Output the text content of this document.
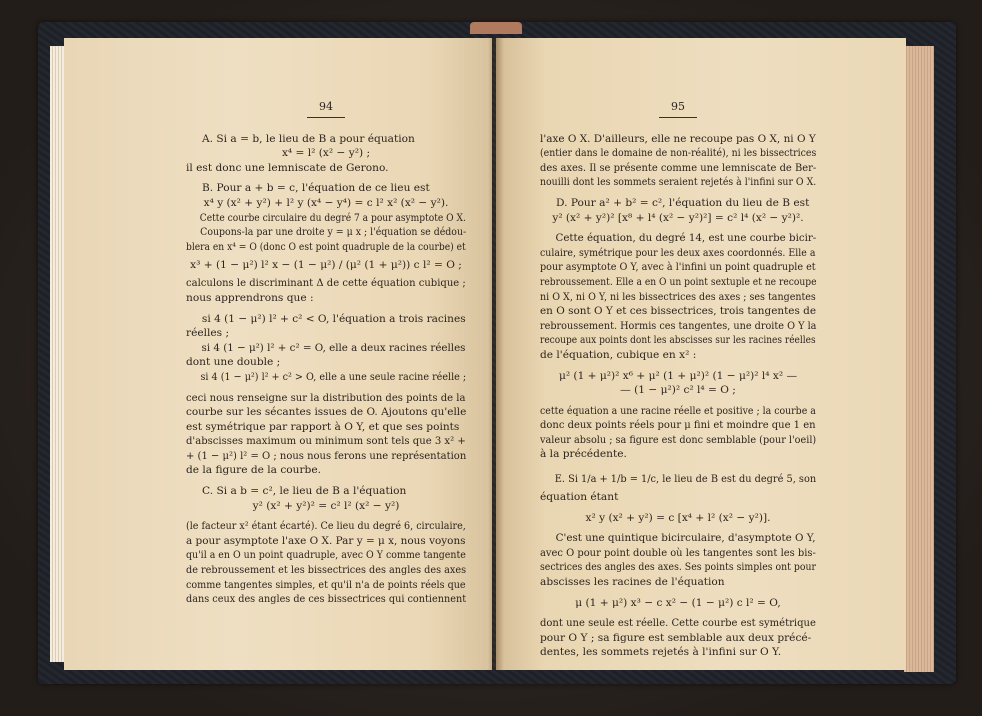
94
A. Si a = b, le lieu de B a pour équation
x⁴ = l² (x² − y²) ;
il est donc une lemniscate de Gerono.
B. Pour a + b = c, l'équation de ce lieu est
x⁴ y (x² + y²) + l² y (x⁴ − y⁴) = c l² x² (x² − y²).
Cette courbe circulaire du degré 7 a pour asymptote O X.
Coupons-la par une droite y = μ x ; l'équation se dédou-
blera en x⁴ = O (donc O est point quadruple de la courbe) et
x³ + (1 − μ²) l² x − (1 − μ²) / (μ² (1 + μ²)) c l² = O ;
calculons le discriminant Δ de cette équation cubique ;
nous apprendrons que :
si 4 (1 − μ²) l² + c² < O, l'équation a trois racines
réelles ;
si 4 (1 − μ²) l² + c² = O, elle a deux racines réelles
dont une double ;
si 4 (1 − μ²) l² + c² > O, elle a une seule racine réelle ;
ceci nous renseigne sur la distribution des points de la
courbe sur les sécantes issues de O. Ajoutons qu'elle
est symétrique par rapport à O Y, et que ses points
d'abscisses maximum ou minimum sont tels que 3 x² +
+ (1 − μ²) l² = O ; nous nous ferons une représentation
de la figure de la courbe.
C. Si a b = c², le lieu de B a l'équation
y² (x² + y²)² = c² l² (x² − y²)
(le facteur x² étant écarté). Ce lieu du degré 6, circulaire,
a pour asymptote l'axe O X. Par y = μ x, nous voyons
qu'il a en O un point quadruple, avec O Y comme tangente
de rebroussement et les bissectrices des angles des axes
comme tangentes simples, et qu'il n'a de points réels que
dans ceux des angles de ces bissectrices qui contiennent
95
l'axe O X. D'ailleurs, elle ne recoupe pas O X, ni O Y
(entier dans le domaine de non-réalité), ni les bissectrices
des axes. Il se présente comme une lemniscate de Ber-
nouilli dont les sommets seraient rejetés à l'infini sur O X.
D. Pour a² + b² = c², l'équation du lieu de B est
y² (x² + y²)² [x⁸ + l⁴ (x² − y²)²] = c² l⁴ (x² − y²)².
Cette équation, du degré 14, est une courbe bicir-
culaire, symétrique pour les deux axes coordonnés. Elle a
pour asymptote O Y, avec à l'infini un point quadruple et
rebroussement. Elle a en O un point sextuple et ne recoupe
ni O X, ni O Y, ni les bissectrices des axes ; ses tangentes
en O sont O Y et ces bissectrices, trois tangentes de
rebroussement. Hormis ces tangentes, une droite O Y la
recoupe aux points dont les abscisses sur les racines réelles
de l'équation, cubique en x² :
μ² (1 + μ²)² x⁶ + μ² (1 + μ²)² (1 − μ²)² l⁴ x² —
— (1 − μ²)² c² l⁴ = O ;
cette équation a une racine réelle et positive ; la courbe a
donc deux points réels pour μ fini et moindre que 1 en
valeur absolu ; sa figure est donc semblable (pour l'oeil)
à la précédente.
E. Si 1/a + 1/b = 1/c, le lieu de B est du degré 5, son
équation étant
x² y (x² + y²) = c [x⁴ + l² (x² − y²)].
C'est une quintique bicirculaire, d'asymptote O Y,
avec O pour point double où les tangentes sont les bis-
sectrices des angles des axes. Ses points simples ont pour
abscisses les racines de l'équation
μ (1 + μ²) x³ − c x² − (1 − μ²) c l² = O,
dont une seule est réelle. Cette courbe est symétrique
pour O Y ; sa figure est semblable aux deux précé-
dentes, les sommets rejetés à l'infini sur O Y.
